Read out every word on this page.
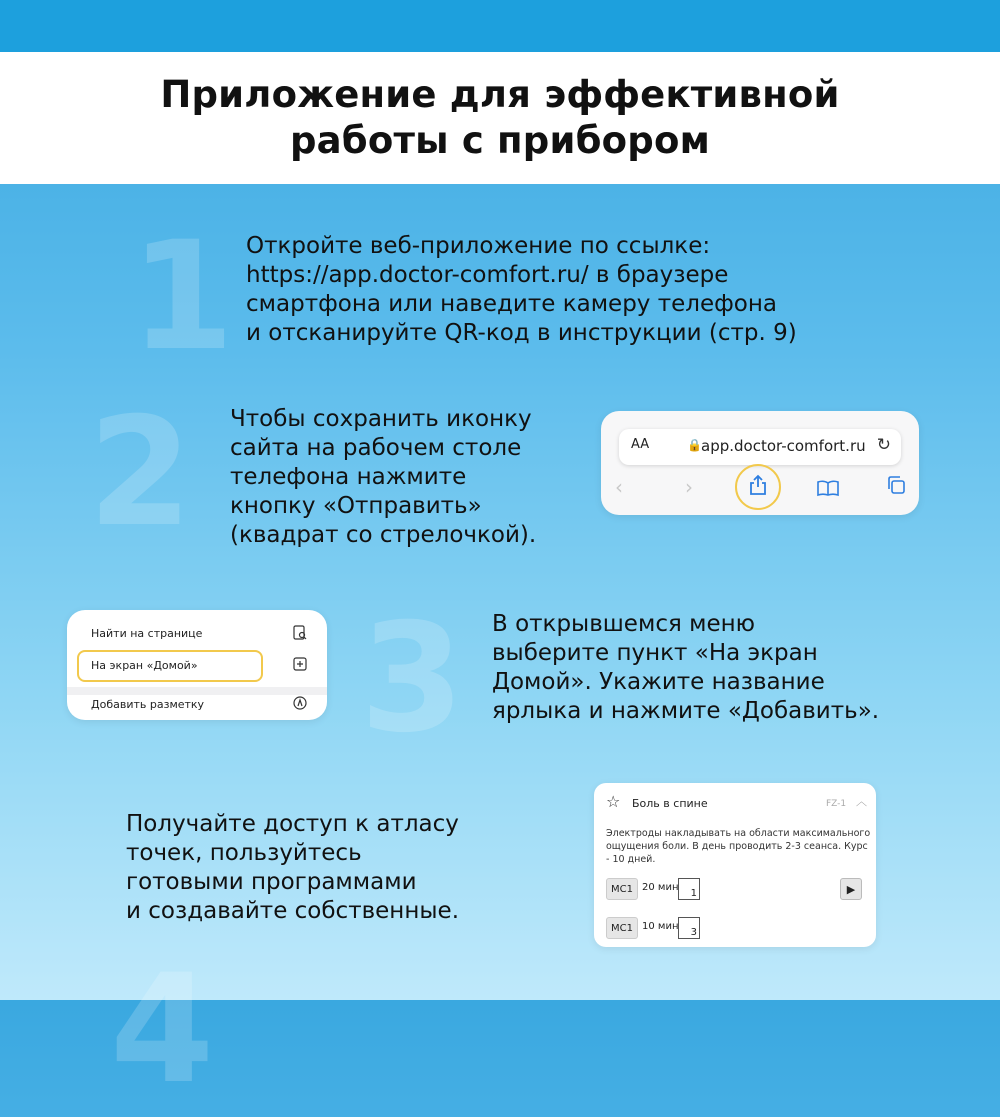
Приложение для эффективной
работы с прибором
1 Откройте веб-приложение по ссылке:
https://app.doctor-comfort.ru/ в браузере
смартфона или наведите камеру телефона
и отсканируйте QR-код в инструкции (стр. 9)
2 Чтобы сохранить иконку
сайта на рабочем столе
телефона нажмите
кнопку «Отправить»
(квадрат со стрелочкой).
AA	🔒 app.doctor-comfort.ru ↻
‹	›
Найти на странице
На экран «Домой»
Добавить разметку 3 В открывшемся меню
выберите пункт «На экран
Домой». Укажите название
ярлыка и нажмите «Добавить».
Получайте доступ к атласу
точек, пользуйтесь
готовыми программами
и создавайте собственные.
4
☆ Боль в спине	FZ-1 ︿
Электроды накладывать на области максимального
ощущения боли. В день проводить 2-3 сеанса. Курс
- 10 дней.
МС1 20 мин
1	▶
МС1 10 мин
3
